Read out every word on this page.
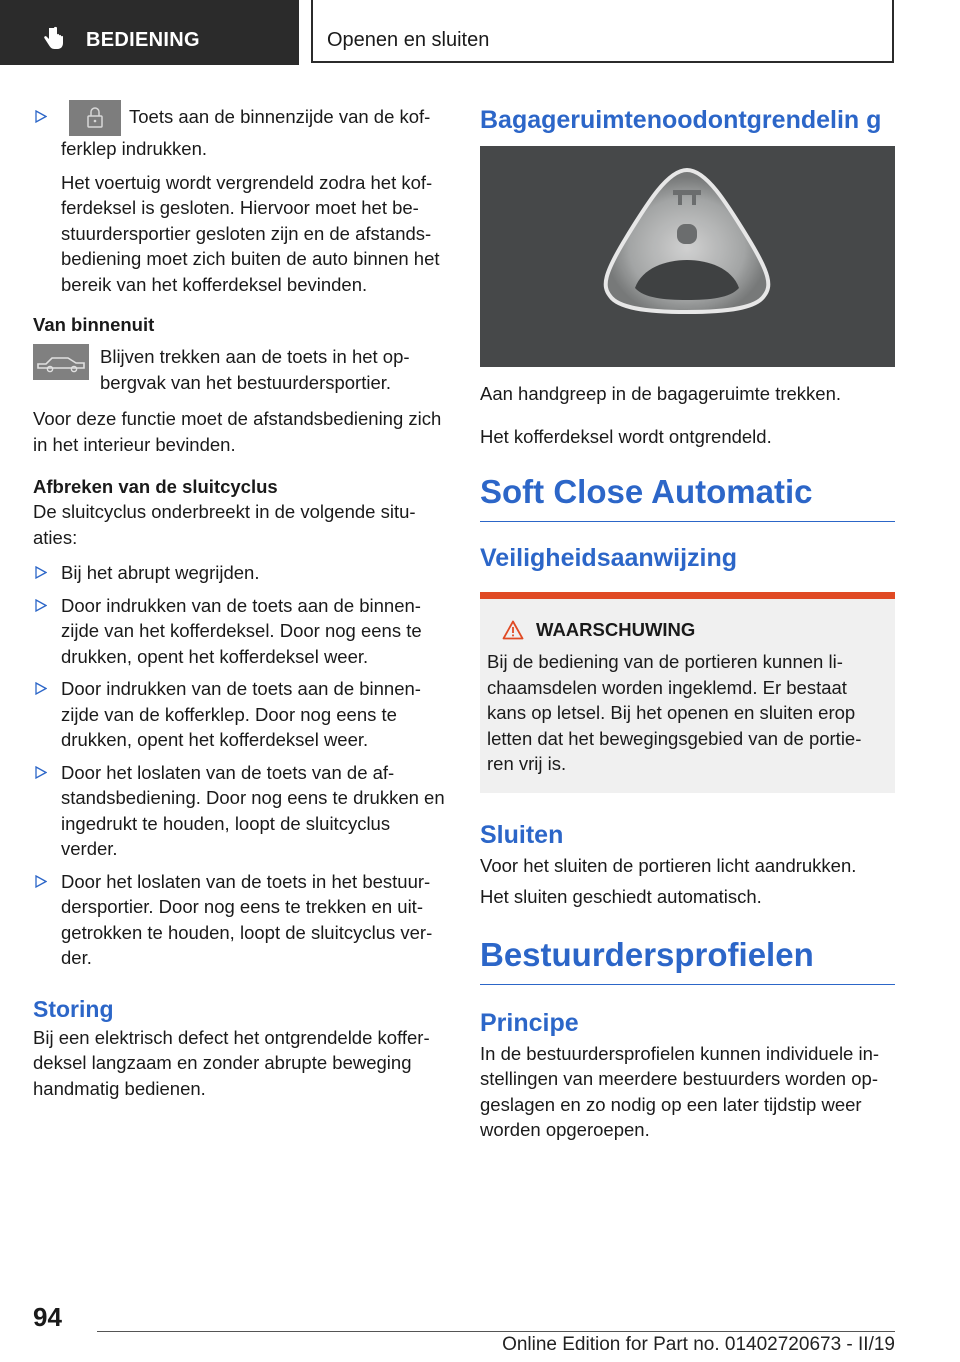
BEDIENING	Openen en sluiten

Toets aan de binnenzijde van de kof‐ferklep indrukken.

Het voertuig wordt vergrendeld zodra het kof‐ferdeksel is gesloten. Hiervoor moet het be‐stuurdersportier gesloten zijn en de afstands‐bediening moet zich buiten de auto binnen het bereik van het kofferdeksel bevinden.

Van binnenuit

Blijven trekken aan de toets in het op‐bergvak van het bestuurdersportier.

Voor deze functie moet de afstandsbediening zich in het interieur bevinden.

Afbreken van de sluitcyclus

De sluitcyclus onderbreekt in de volgende situ‐aties:

Bij het abrupt wegrijden.

Door indrukken van de toets aan de binnen‐zijde van het kofferdeksel. Door nog eens te drukken, opent het kofferdeksel weer.

Door indrukken van de toets aan de binnen‐zijde van de kofferklep. Door nog eens te drukken, opent het kofferdeksel weer.

Door het loslaten van de toets van de af‐standsbediening. Door nog eens te drukken en ingedrukt te houden, loopt de sluitcyclus verder.

Door het loslaten van de toets in het bestuur‐dersportier. Door nog eens te trekken en uit‐getrokken te houden, loopt de sluitcyclus ver‐der.

Storing

Bij een elektrisch defect het ontgrendelde koffer‐deksel langzaam en zonder abrupte beweging handmatig bedienen.

Bagageruimtenoodontgrendelin g

Aan handgreep in de bagageruimte trekken.

Het kofferdeksel wordt ontgrendeld.

Soft Close Automatic
Veiligheidsaanwijzing
WAARSCHUWING

Bij de bediening van de portieren kunnen li‐chaamsdelen worden ingeklemd. Er bestaat kans op letsel. Bij het openen en sluiten erop letten dat het bewegingsgebied van de portie‐ren vrij is.

Sluiten

Voor het sluiten de portieren licht aandrukken.

Het sluiten geschiedt automatisch.

Bestuurdersprofielen
Principe

In de bestuurdersprofielen kunnen individuele in‐stellingen van meerdere bestuurders worden op‐geslagen en zo nodig op een later tijdstip weer worden opgeroepen.

94
Online Edition for Part no. 01402720673 - II/19
